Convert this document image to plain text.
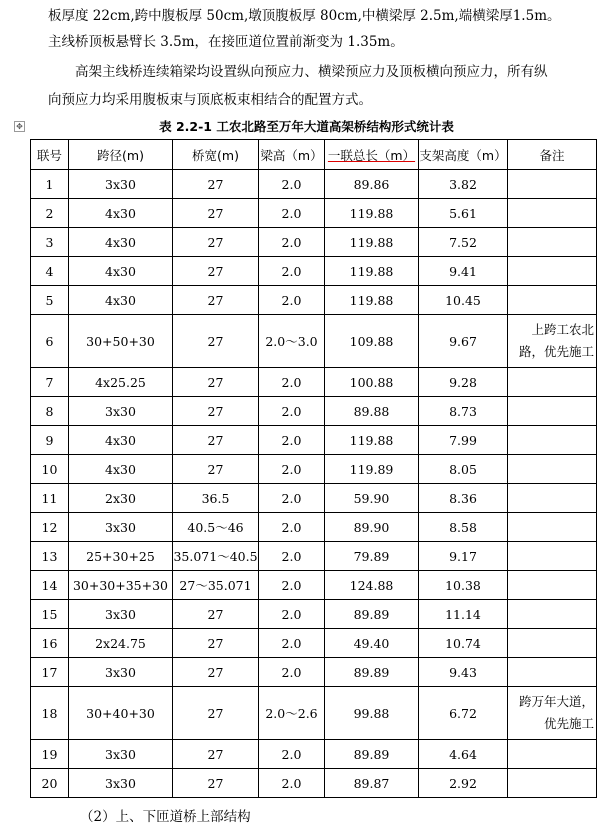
板厚度 22cm,跨中腹板厚 50cm,墩顶腹板厚 80cm,中横梁厚 2.5m,端横梁厚1.5m。
主线桥顶板悬臂长 3.5m，在接匝道位置前渐变为 1.35m。
高架主线桥连续箱梁均设置纵向预应力、横梁预应力及顶板横向预应力，所有纵
向预应力均采用腹板束与顶底板束相结合的配置方式。
✥	表 2.2-1 工农北路至万年大道高架桥结构形式统计表
联号	跨径(m)	桥宽(m)	梁高（m）	一联总长（m）	支架高度（m）	备注
1	3x30	27	2.0	89.86	3.82	
2	4x30	27	2.0	119.88	5.61	
3	4x30	27	2.0	119.88	7.52	
4	4x30	27	2.0	119.88	9.41	
5	4x30	27	2.0	119.88	10.45	
6	30+50+30	27	2.0～3.0	109.88	9.67	上跨工农北路，优先施工
7	4x25.25	27	2.0	100.88	9.28	
8	3x30	27	2.0	89.88	8.73	
9	4x30	27	2.0	119.88	7.99	
10	4x30	27	2.0	119.89	8.05	
11	2x30	36.5	2.0	59.90	8.36	
12	3x30	40.5～46	2.0	89.90	8.58	
13	25+30+25	35.071～40.5	2.0	79.89	9.17	
14	30+30+35+30	27～35.071	2.0	124.88	10.38	
15	3x30	27	2.0	89.89	11.14	
16	2x24.75	27	2.0	49.40	10.74	
17	3x30	27	2.0	89.89	9.43	
18	30+40+30	27	2.0～2.6	99.88	6.72	跨万年大道，优先施工
19	3x30	27	2.0	89.89	4.64	
20	3x30	27	2.0	89.87	2.92	
（2）上、下匝道桥上部结构
